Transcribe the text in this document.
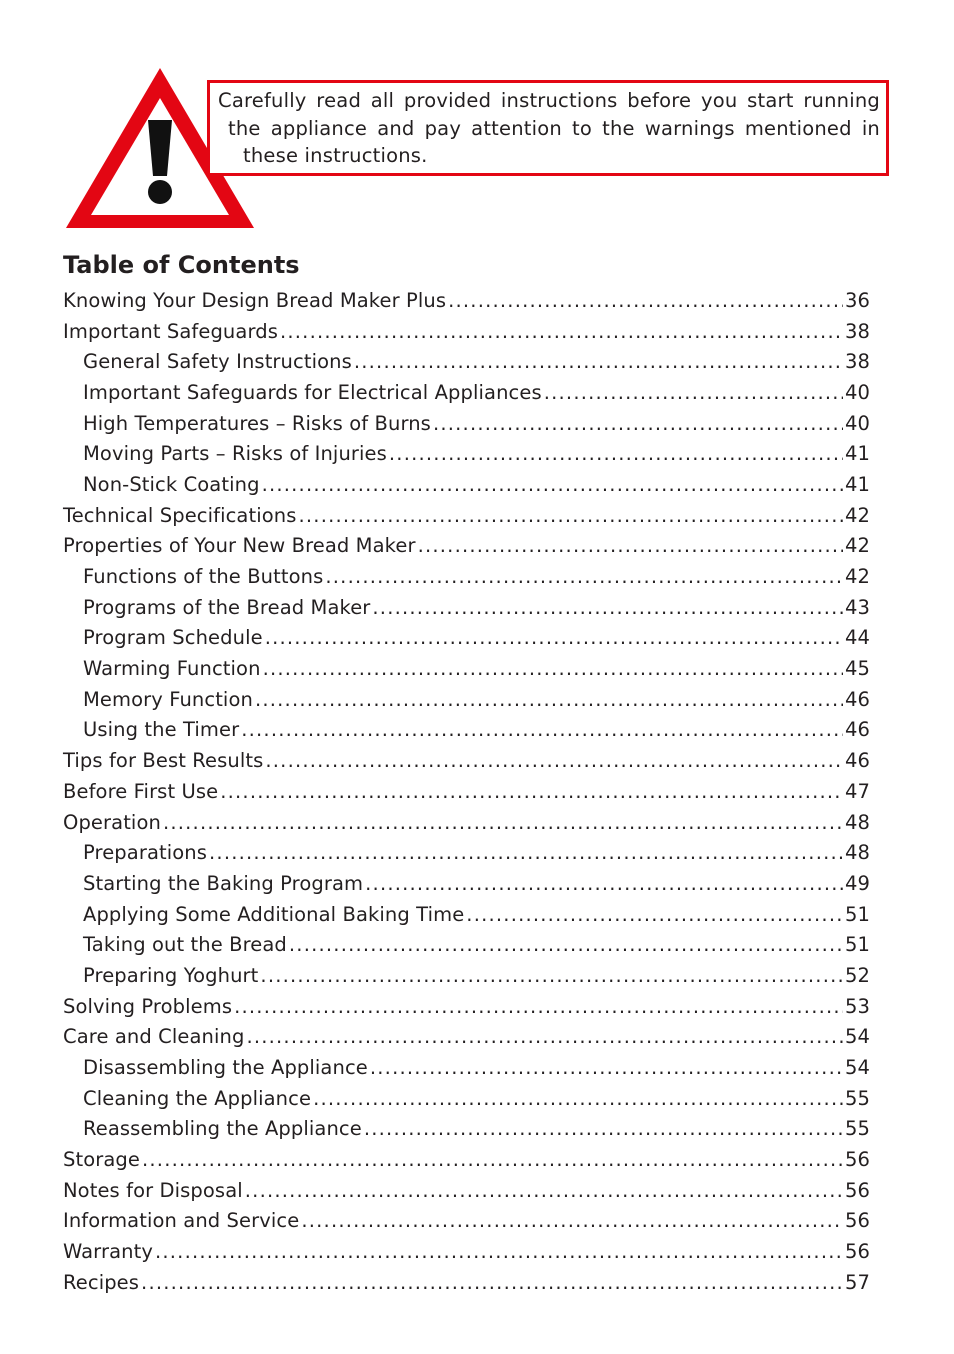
Carefully read all provided instructions before you start running
the appliance and pay attention to the warnings mentioned in
these instructions.
Table of Contents
Knowing Your Design Bread Maker Plus .....	36
Important Safeguards .....	38
General Safety Instructions .....	38
Important Safeguards for Electrical Appliances .....	40
High Temperatures – Risks of Burns .....	40
Moving Parts – Risks of Injuries .....	41
Non-Stick Coating .....	41
Technical Specifications .....	42
Properties of Your New Bread Maker .....	42
Functions of the Buttons .....	42
Programs of the Bread Maker .....	43
Program Schedule .....	44
Warming Function .....	45
Memory Function .....	46
Using the Timer .....	46
Tips for Best Results .....	46
Before First Use .....	47
Operation .....	48
Preparations .....	48
Starting the Baking Program .....	49
Applying Some Additional Baking Time .....	51
Taking out the Bread .....	51
Preparing Yoghurt .....	52
Solving Problems .....	53
Care and Cleaning .....	54
Disassembling the Appliance .....	54
Cleaning the Appliance .....	55
Reassembling the Appliance .....	55
Storage .....	56
Notes for Disposal .....	56
Information and Service .....	56
Warranty .....	56
Recipes .....	57
